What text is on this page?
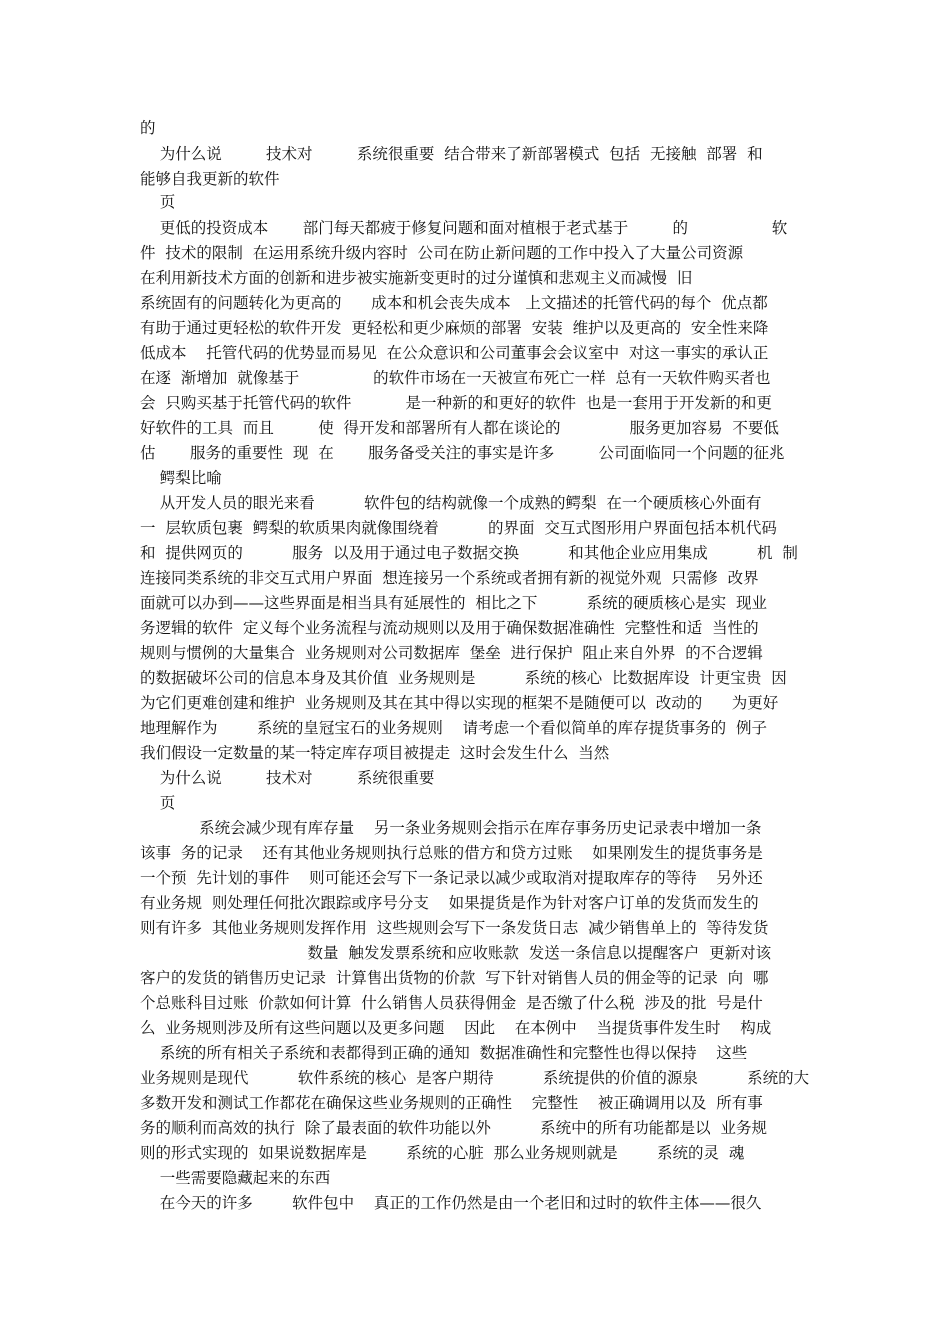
的
为什么说         技术对         系统很重要  结合带来了新部署模式  包括  无接触  部署  和
能够自我更新的软件
页
更低的投资成本       部门每天都疲于修复问题和面对植根于老式基于         的                 软
件  技术的限制  在运用系统升级内容时  公司在防止新问题的工作中投入了大量公司资源
在利用新技术方面的创新和进步被实施新变更时的过分谨慎和悲观主义而减慢  旧
系统固有的问题转化为更高的      成本和机会丧失成本   上文描述的托管代码的每个  优点都
有助于通过更轻松的软件开发  更轻松和更少麻烦的部署  安装  维护以及更高的  安全性来降
低成本    托管代码的优势显而易见  在公众意识和公司董事会会议室中  对这一事实的承认正
在逐  渐增加  就像基于               的软件市场在一天被宣布死亡一样  总有一天软件购买者也
会  只购买基于托管代码的软件           是一种新的和更好的软件  也是一套用于开发新的和更
好软件的工具  而且         使  得开发和部署所有人都在谈论的              服务更加容易  不要低
估       服务的重要性  现  在       服务备受关注的事实是许多         公司面临同一个问题的征兆
鳄梨比喻
从开发人员的眼光来看          软件包的结构就像一个成熟的鳄梨  在一个硬质核心外面有
一  层软质包裹  鳄梨的软质果肉就像围绕着          的界面  交互式图形用户界面包括本机代码
和  提供网页的          服务  以及用于通过电子数据交换          和其他企业应用集成          机  制
连接同类系统的非交互式用户界面  想连接另一个系统或者拥有新的视觉外观  只需修  改界
面就可以办到——这些界面是相当具有延展性的  相比之下          系统的硬质核心是实  现业
务逻辑的软件  定义每个业务流程与流动规则以及用于确保数据准确性  完整性和适  当性的
规则与惯例的大量集合  业务规则对公司数据库  堡垒  进行保护  阻止来自外界  的不合逻辑
的数据破坏公司的信息本身及其价值  业务规则是          系统的核心  比数据库设  计更宝贵  因
为它们更难创建和维护  业务规则及其在其中得以实现的框架不是随便可以  改动的      为更好
地理解作为        系统的皇冠宝石的业务规则    请考虑一个看似简单的库存提货事务的  例子
我们假设一定数量的某一特定库存项目被提走  这时会发生什么  当然
为什么说         技术对         系统很重要
页
系统会减少现有库存量    另一条业务规则会指示在库存事务历史记录表中增加一条
该事  务的记录    还有其他业务规则执行总账的借方和贷方过账    如果刚发生的提货事务是
一个预  先计划的事件    则可能还会写下一条记录以减少或取消对提取库存的等待    另外还
有业务规  则处理任何批次跟踪或序号分支    如果提货是作为针对客户订单的发货而发生的
则有许多  其他业务规则发挥作用  这些规则会写下一条发货日志  减少销售单上的  等待发货
数量  触发发票系统和应收账款  发送一条信息以提醒客户  更新对该
客户的发货的销售历史记录  计算售出货物的价款  写下针对销售人员的佣金等的记录  向  哪
个总账科目过账  价款如何计算  什么销售人员获得佣金  是否缴了什么税  涉及的批  号是什
么  业务规则涉及所有这些问题以及更多问题    因此    在本例中    当提货事件发生时    构成
系统的所有相关子系统和表都得到正确的通知  数据准确性和完整性也得以保持    这些
业务规则是现代          软件系统的核心  是客户期待          系统提供的价值的源泉          系统的大
多数开发和测试工作都花在确保这些业务规则的正确性    完整性    被正确调用以及  所有事
务的顺利而高效的执行  除了最表面的软件功能以外          系统中的所有功能都是以  业务规
则的形式实现的  如果说数据库是        系统的心脏  那么业务规则就是        系统的灵  魂
一些需要隐藏起来的东西
在今天的许多        软件包中    真正的工作仍然是由一个老旧和过时的软件主体——很久
